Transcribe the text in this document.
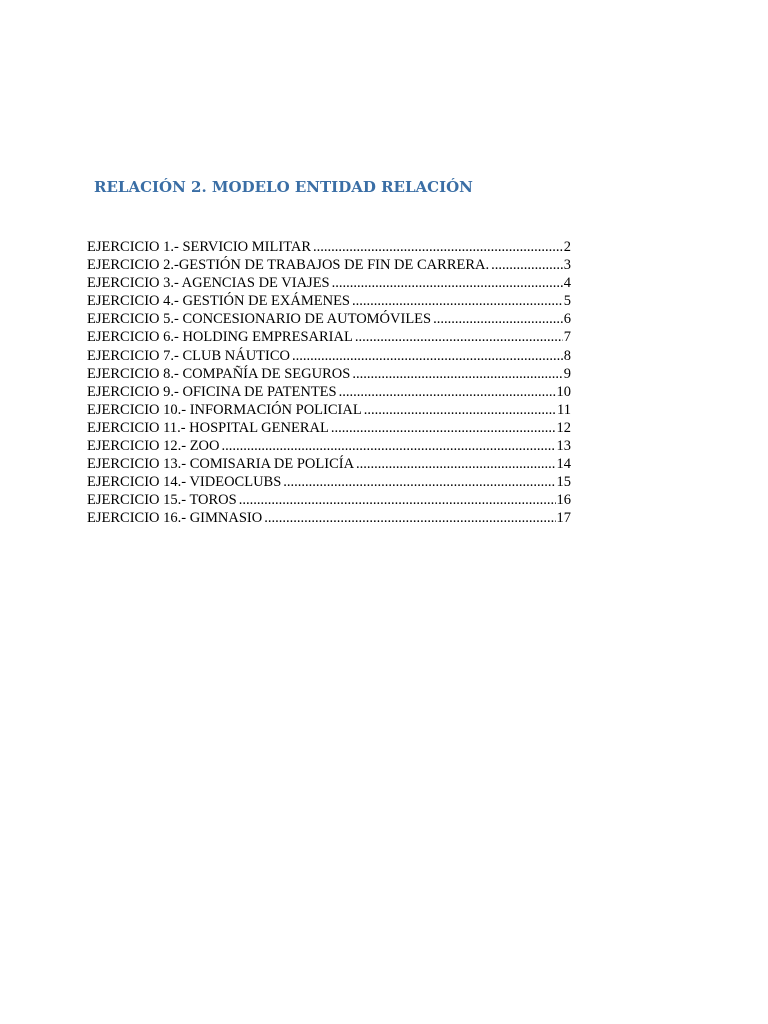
RELACIÓN 2. MODELO ENTIDAD RELACIÓN
EJERCICIO 1.- SERVICIO MILITAR .....	2
EJERCICIO 2.-GESTIÓN DE TRABAJOS DE FIN DE CARRERA. .....	3
EJERCICIO 3.- AGENCIAS DE VIAJES .....	4
EJERCICIO 4.- GESTIÓN DE EXÁMENES .....	5
EJERCICIO 5.- CONCESIONARIO DE AUTOMÓVILES .....	6
EJERCICIO 6.- HOLDING EMPRESARIAL .....	7
EJERCICIO 7.- CLUB NÁUTICO .....	8
EJERCICIO 8.- COMPAÑÍA DE SEGUROS .....	9
EJERCICIO 9.- OFICINA DE PATENTES .....	10
EJERCICIO 10.- INFORMACIÓN POLICIAL .....	11
EJERCICIO 11.- HOSPITAL GENERAL .....	12
EJERCICIO 12.- ZOO .....	13
EJERCICIO 13.- COMISARIA DE POLICÍA .....	14
EJERCICIO 14.- VIDEOCLUBS .....	15
EJERCICIO 15.- TOROS .....	16
EJERCICIO 16.- GIMNASIO .....	17
